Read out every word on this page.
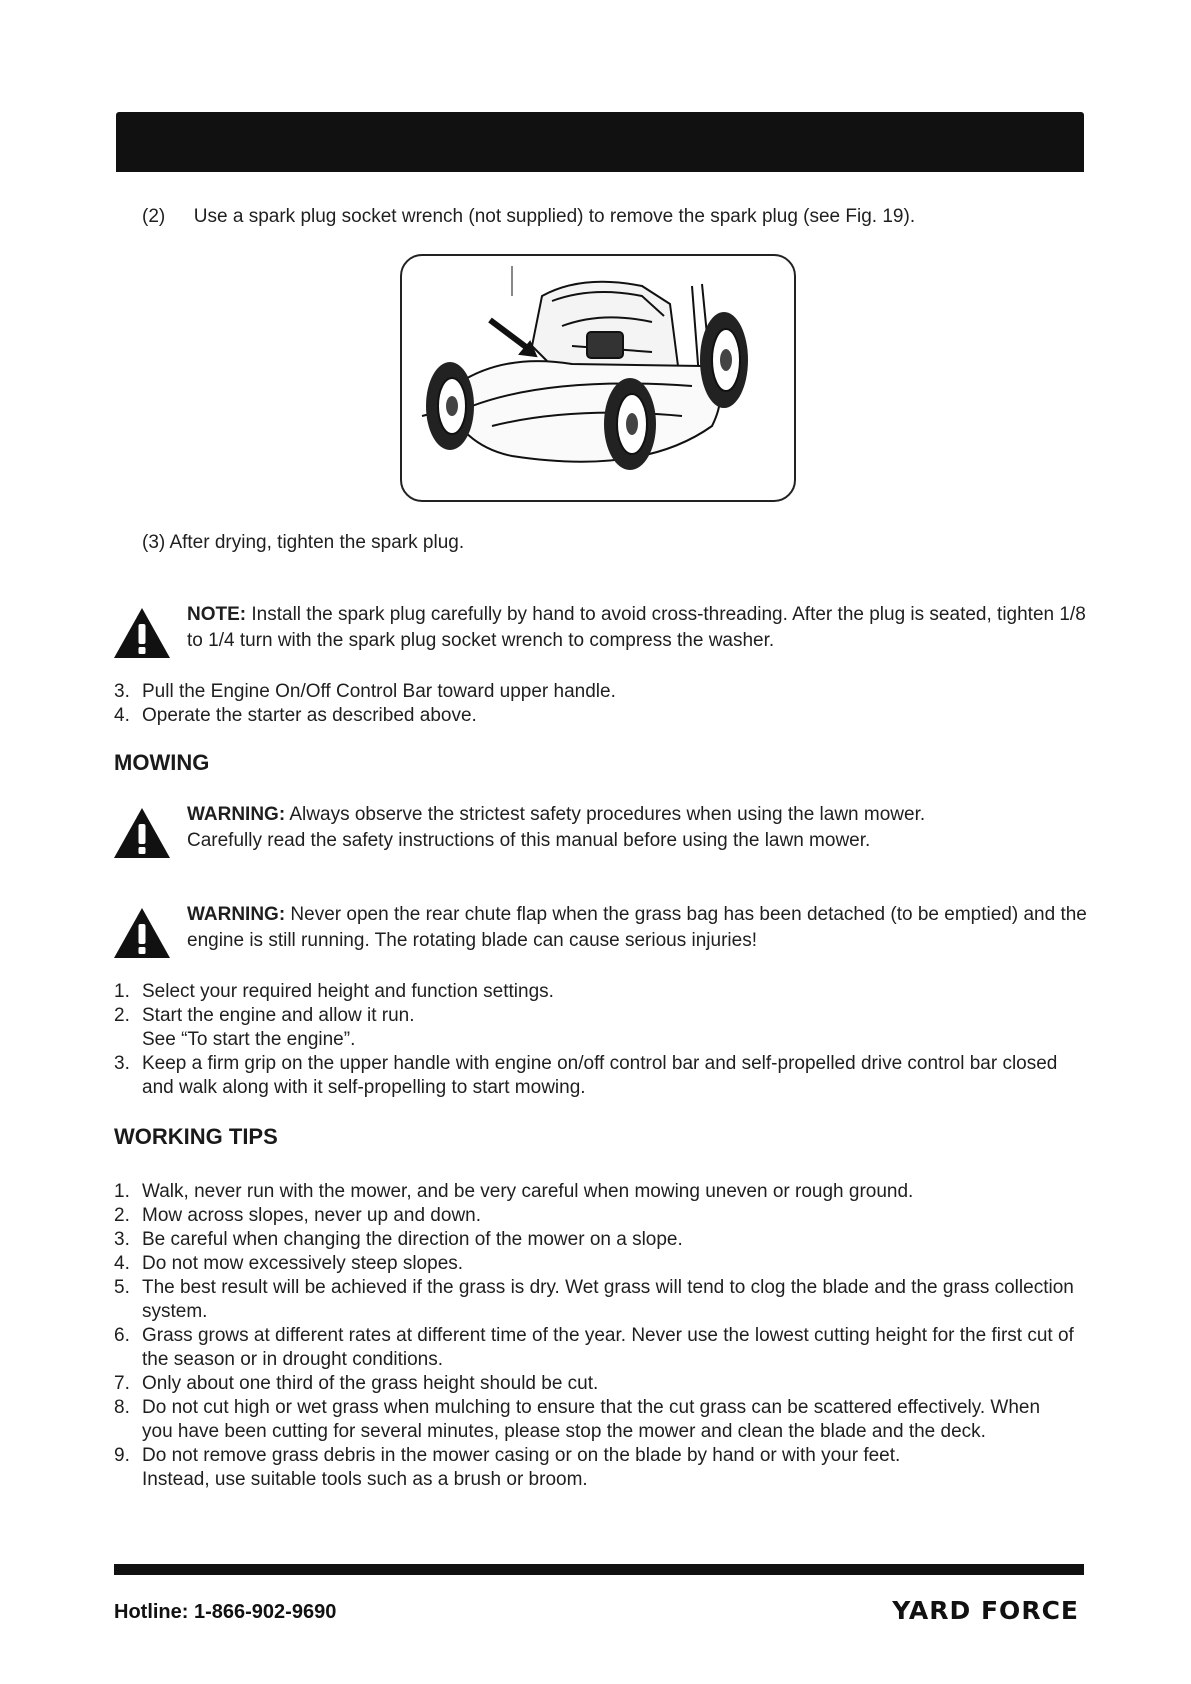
(2) Use a spark plug socket wrench (not supplied) to remove the spark plug (see Fig. 19).
(3) After drying, tighten the spark plug.
NOTE: Install the spark plug carefully by hand to avoid cross-threading. After the plug is seated, tighten 1/8 to 1/4 turn with the spark plug socket wrench to compress the washer.
3. Pull the Engine On/Off Control Bar toward upper handle.
4. Operate the starter as described above.
MOWING
WARNING: Always observe the strictest safety procedures when using the lawn mower. Carefully read the safety instructions of this manual before using the lawn mower.
WARNING: Never open the rear chute flap when the grass bag has been detached (to be emptied) and the engine is still running. The rotating blade can cause serious injuries!
1. Select your required height and function settings.
2. Start the engine and allow it run.
See “To start the engine”.
3. Keep a firm grip on the upper handle with engine on/off control bar and self-propelled drive control bar closed and walk along with it self-propelling to start mowing.
WORKING TIPS
1. Walk, never run with the mower, and be very careful when mowing uneven or rough ground.
2. Mow across slopes, never up and down.
3. Be careful when changing the direction of the mower on a slope.
4. Do not mow excessively steep slopes.
5. The best result will be achieved if the grass is dry. Wet grass will tend to clog the blade and the grass collection system.
6. Grass grows at different rates at different time of the year. Never use the lowest cutting height for the first cut of the season or in drought conditions.
7. Only about one third of the grass height should be cut.
8. Do not cut high or wet grass when mulching to ensure that the cut grass can be scattered effectively. When you have been cutting for several minutes, please stop the mower and clean the blade and the deck.
9. Do not remove grass debris in the mower casing or on the blade by hand or with your feet.
Instead, use suitable tools such as a brush or broom.
Hotline: 1-866-902-9690	YARD FORCE
